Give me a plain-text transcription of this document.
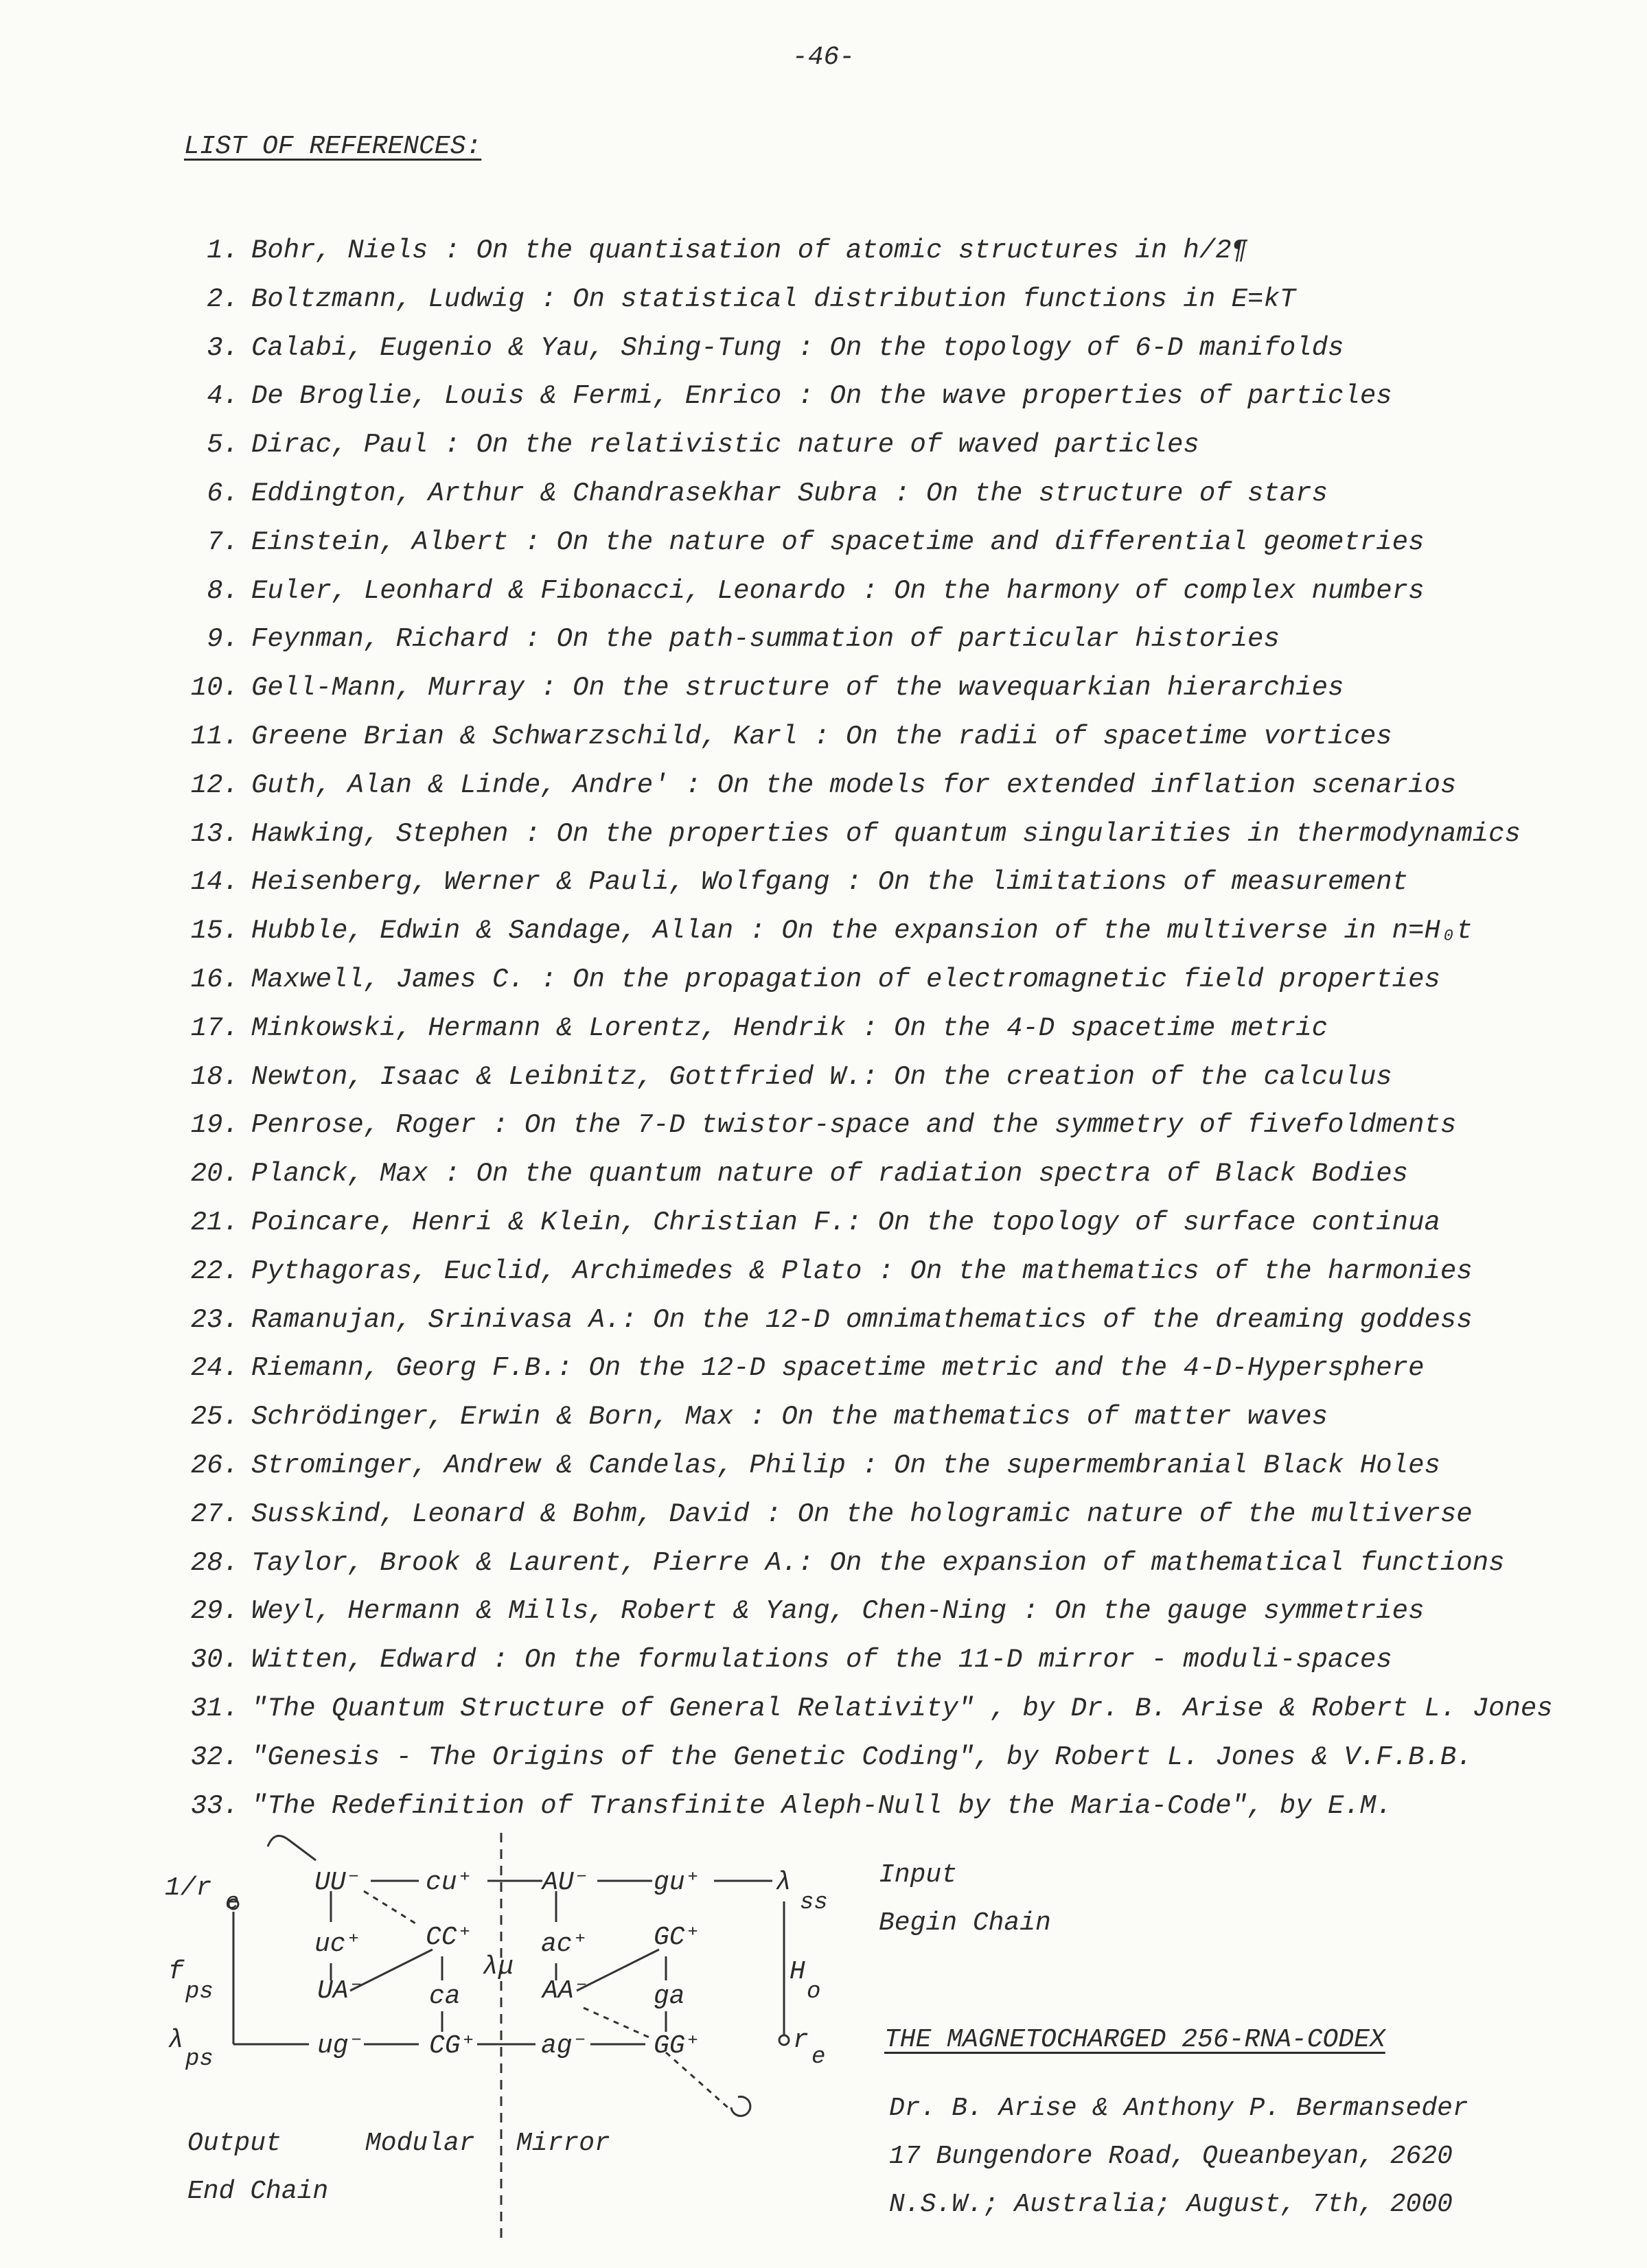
-46-
LIST OF REFERENCES:
1. Bohr, Niels : On the quantisation of atomic structures in h/2¶
2. Boltzmann, Ludwig : On statistical distribution functions in E=kT
3. Calabi, Eugenio & Yau, Shing-Tung : On the topology of 6-D manifolds
4. De Broglie, Louis & Fermi, Enrico : On the wave properties of particles
5. Dirac, Paul : On the relativistic nature of waved particles
6. Eddington, Arthur & Chandrasekhar Subra : On the structure of stars
7. Einstein, Albert : On the nature of spacetime and differential geometries
8. Euler, Leonhard & Fibonacci, Leonardo : On the harmony of complex numbers
9. Feynman, Richard : On the path-summation of particular histories
10. Gell-Mann, Murray : On the structure of the wavequarkian hierarchies
11. Greene Brian & Schwarzschild, Karl : On the radii of spacetime vortices
12. Guth, Alan & Linde, Andre' : On the models for extended inflation scenarios
13. Hawking, Stephen : On the properties of quantum singularities in thermodynamics
14. Heisenberg, Werner & Pauli, Wolfgang : On the limitations of measurement
15. Hubble, Edwin & Sandage, Allan : On the expansion of the multiverse in n=H₀t
16. Maxwell, James C. : On the propagation of electromagnetic field properties
17. Minkowski, Hermann & Lorentz, Hendrik : On the 4-D spacetime metric
18. Newton, Isaac & Leibnitz, Gottfried W.: On the creation of the calculus
19. Penrose, Roger : On the 7-D twistor-space and the symmetry of fivefoldments
20. Planck, Max : On the quantum nature of radiation spectra of Black Bodies
21. Poincare, Henri & Klein, Christian F.: On the topology of surface continua
22. Pythagoras, Euclid, Archimedes & Plato : On the mathematics of the harmonies
23. Ramanujan, Srinivasa A.: On the 12-D omnimathematics of the dreaming goddess
24. Riemann, Georg F.B.: On the 12-D spacetime metric and the 4-D-Hypersphere
25. Schrödinger, Erwin & Born, Max : On the mathematics of matter waves
26. Strominger, Andrew & Candelas, Philip : On the supermembranial Black Holes
27. Susskind, Leonard & Bohm, David : On the hologramic nature of the multiverse
28. Taylor, Brook & Laurent, Pierre A.: On the expansion of mathematical functions
29. Weyl, Hermann & Mills, Robert & Yang, Chen-Ning : On the gauge symmetries
30. Witten, Edward : On the formulations of the 11-D mirror - moduli-spaces
31. "The Quantum Structure of General Relativity" , by Dr. B. Arise & Robert L. Jones
32. "Genesis - The Origins of the Genetic Coding", by Robert L. Jones & V.F.B.B.
33. "The Redefinition of Transfinite Aleph-Null by the Maria-Code", by E.M.
1/r e
f
ps
λ
ps
λ
ss
H
o
r
e
λμ
UU⁻ cu⁺	AU⁻ gu⁺
uc⁺ CC⁺	ac⁺	GC⁺
UA⁻ ca	AA⁻ ga
ug⁻ CG⁺ ag⁻	GG⁺
Output
End Chain
Modular Mirror
Input
Begin Chain
THE MAGNETOCHARGED 256-RNA-CODEX
Dr. B. Arise & Anthony P. Bermanseder
17 Bungendore Road, Queanbeyan, 2620
N.S.W.; Australia; August, 7th, 2000
